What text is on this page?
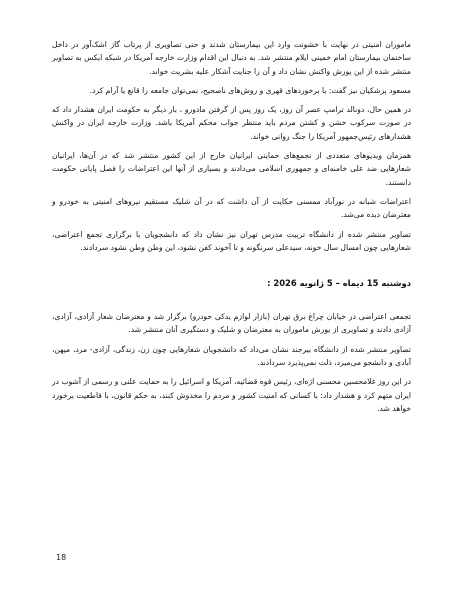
ماموران امنیتی در نهایت با خشونت وارد این بیمارستان شدند و حتی تصاویری از پرتاب گاز اشک‌آور در داخل ساختمان بیمارستان امام خمینی ایلام منتشر شد. به دنبال این اقدام وزارت خارجه آمریکا در شبکه ایکس به تصاویر منتشر شده از این یورش واکنش نشان داد و آن را جنایت آشکار علیه بشریت خواند.

مسعود پزشکیان نیز گفت: با برخوردهای قهری و روش‌های ناصحیح، نمی‌توان جامعه را قانع یا آرام کرد.

در همین حال، دونالد ترامپ عصر آن روز، یک روز پس از گرفتن مادورو ، بار دیگر به حکومت ایران هشدار داد که در صورت سرکوب خشن و کشتن مردم باید منتظر جواب محکم آمریکا باشد. وزارت خارجه ایران در واکنش هشدارهای رئیس‌جمهور آمریکا را جنگ روانی خواند.

همزمان ویدیوهای متعددی از تجمع‌های حمایتی ایرانیان خارج از این کشور منتشر شد که در آن‌ها، ایرانیان شعارهایی ضد علی خامنه‌ای و جمهوری اسلامی می‌دادند و بسیاری از آنها این اعتراضات را فصل پایانی حکومت دانستند.

اعتراضات شبانه در نورآباد ممسنی حکایت از آن داشت که در آن شلیک مستقیم نیروهای امنیتی به خودرو و معترضان دیده می‌شد.

تصاویر منتشر شده از دانشگاه تربیت مدرس تهران نیز نشان داد که دانشجویان با برگزاری تجمع اعتراضی، شعارهایی چون امسال سال خونه، سیدعلی سرنگونه و تا آخوند کفن نشود، این وطن وطن نشود سردادند.

دوشنبه 15 دیماه – 5 ژانویه 2026 :

تجمعی اعتراضی در خیابان چراغ برق تهران (بازار لوازم یدکی خودرو) برگزار شد و معترضان شعار آزادی، آزادی، آزادی دادند و تصاویری از یورش ماموران به معترضان و شلیک و دستگیری آنان منتشر شد.

تصاویر منتشر شده از دانشگاه بیرجند نشان می‌داد که دانشجویان شعارهایی چون زن، زندگی، آزادی- مرد، میهن، آبادی و دانشجو می‌میرد، ذلت نمی‌پذیرد سردادند.

در این روز غلامحسین محسنی اژه‌ای، رئیس قوه قضائیه، آمریکا و اسرائیل را به حمایت علنی و رسمی از آشوب در ایران متهم کرد و هشدار داد: با کسانی که امنیت کشور و مردم را مخدوش کنند، به حکم قانون، با قاطعیت برخورد خواهد شد.

18
